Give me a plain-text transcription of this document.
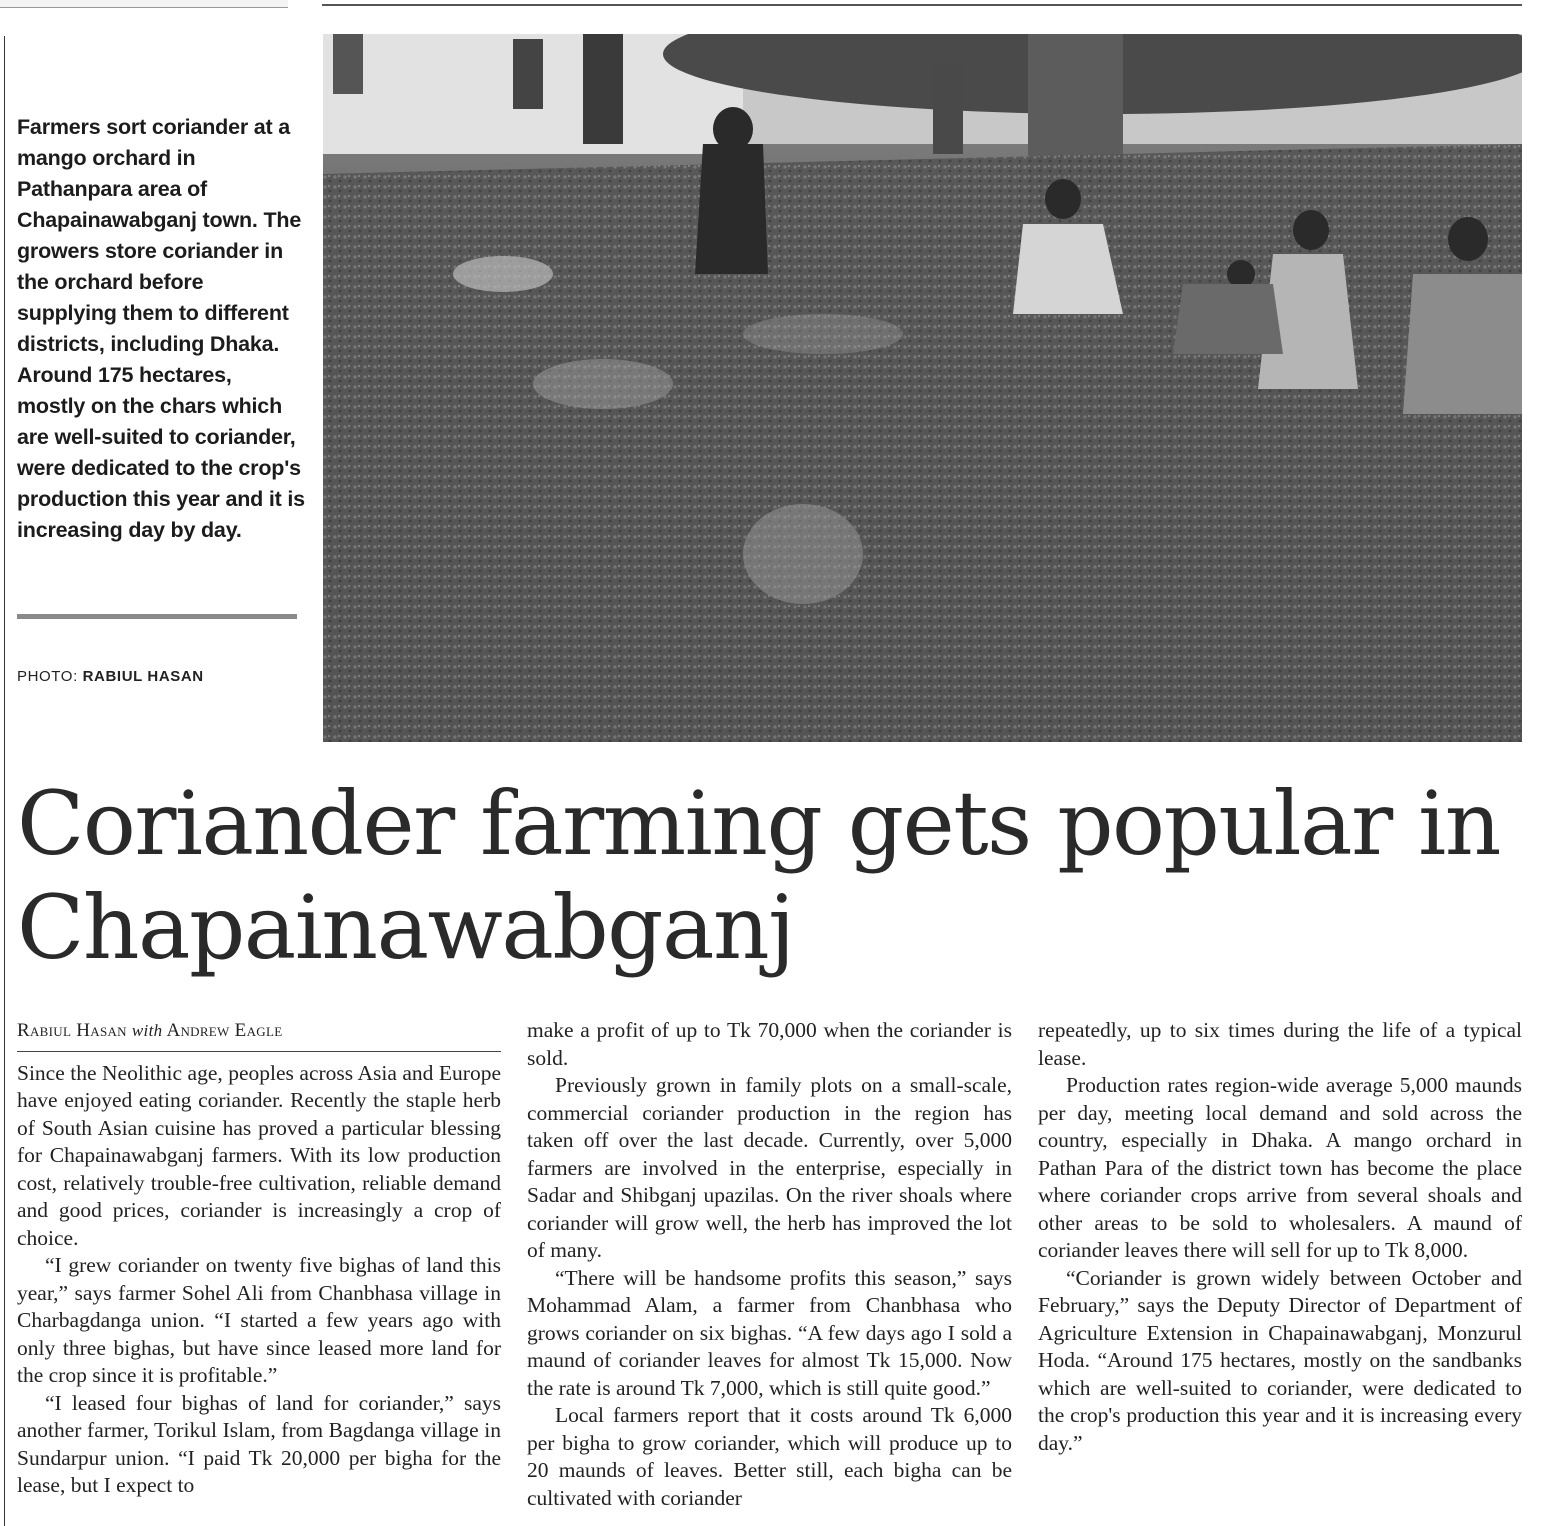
Farmers sort coriander at a mango orchard in Pathanpara area of Chapainawabganj town. The growers store coriander in the orchard before supplying them to different districts, including Dhaka. Around 175 hectares, mostly on the chars which are well-suited to coriander, were dedicated to the crop's production this year and it is increasing day by day.

PHOTO: RABIUL HASAN
Coriander farming gets popular in Chapainawabganj
Rabiul Hasan with Andrew Eagle

Since the Neolithic age, peoples across Asia and Europe have enjoyed eating coriander. Recently the staple herb of South Asian cuisine has proved a particular blessing for Chapainawabganj farmers. With its low production cost, relatively trouble-free cultivation, reliable demand and good prices, coriander is increasingly a crop of choice.

“I grew coriander on twenty five bighas of land this year,” says farmer Sohel Ali from Chanbhasa village in Charbagdanga union. “I started a few years ago with only three bighas, but have since leased more land for the crop since it is profitable.”

“I leased four bighas of land for coriander,” says another farmer, Torikul Islam, from Bagdanga village in Sundarpur union. “I paid Tk 20,000 per bigha for the lease, but I expect to

make a profit of up to Tk 70,000 when the coriander is sold.

Previously grown in family plots on a small-scale, commercial coriander production in the region has taken off over the last decade. Currently, over 5,000 farmers are involved in the enterprise, especially in Sadar and Shibganj upazilas. On the river shoals where coriander will grow well, the herb has improved the lot of many.

“There will be handsome profits this season,” says Mohammad Alam, a farmer from Chanbhasa who grows coriander on six bighas. “A few days ago I sold a maund of coriander leaves for almost Tk 15,000. Now the rate is around Tk 7,000, which is still quite good.”

Local farmers report that it costs around Tk 6,000 per bigha to grow coriander, which will produce up to 20 maunds of leaves. Better still, each bigha can be cultivated with coriander

repeatedly, up to six times during the life of a typical lease.

Production rates region-wide average 5,000 maunds per day, meeting local demand and sold across the country, especially in Dhaka. A mango orchard in Pathan Para of the district town has become the place where coriander crops arrive from several shoals and other areas to be sold to wholesalers. A maund of coriander leaves there will sell for up to Tk 8,000.

“Coriander is grown widely between October and February,” says the Deputy Director of Department of Agriculture Extension in Chapainawabganj, Monzurul Hoda. “Around 175 hectares, mostly on the sandbanks which are well-suited to coriander, were dedicated to the crop's production this year and it is increasing every day.”
